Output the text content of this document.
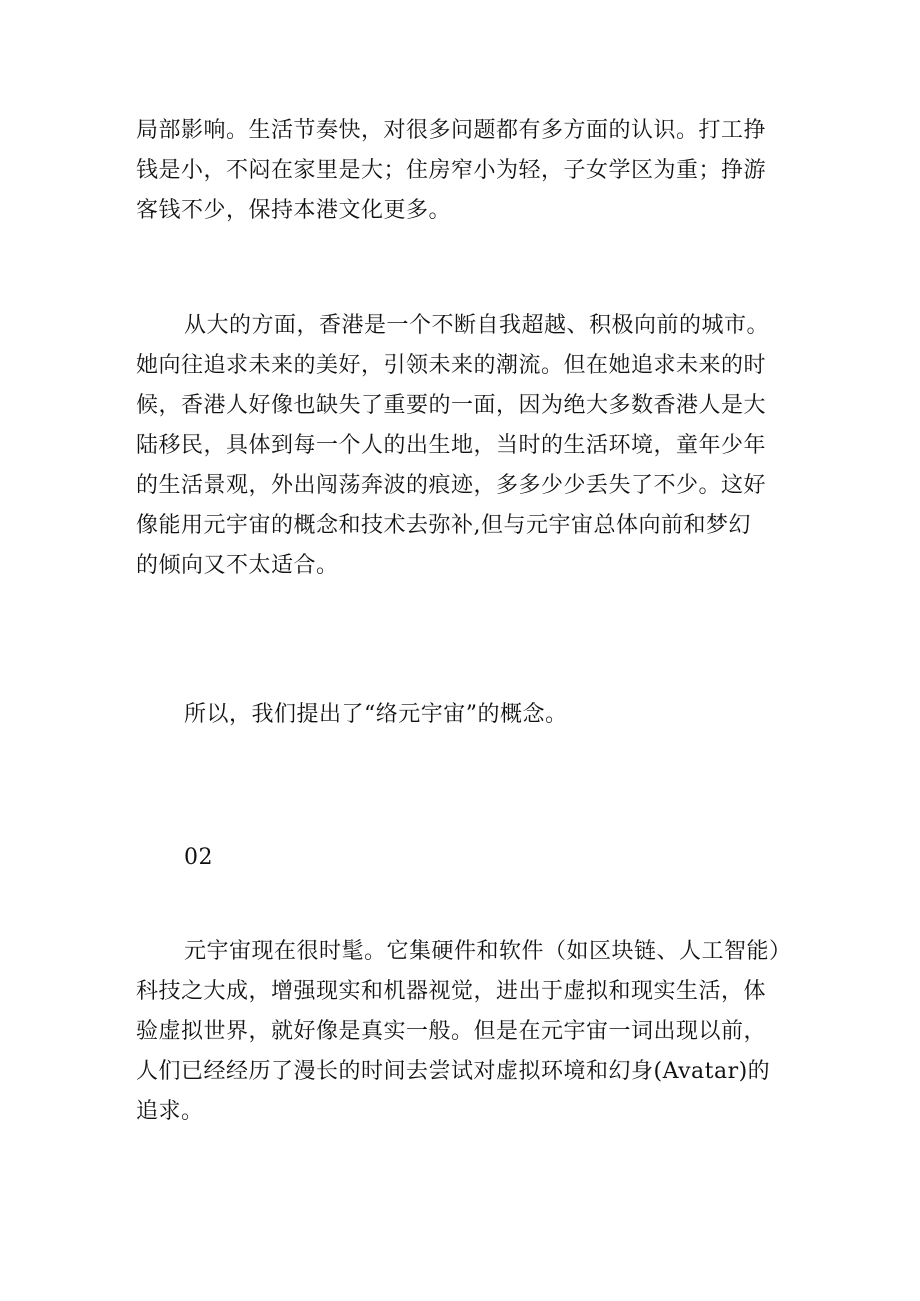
局部影响。生活节奏快，对很多问题都有多方面的认识。打工挣
钱是小，不闷在家里是大；住房窄小为轻，子女学区为重；挣游
客钱不少，保持本港文化更多。
从大的方面，香港是一个不断自我超越、积极向前的城市。
她向往追求未来的美好，引领未来的潮流。但在她追求未来的时
候，香港人好像也缺失了重要的一面，因为绝大多数香港人是大
陆移民，具体到每一个人的出生地，当时的生活环境，童年少年
的生活景观，外出闯荡奔波的痕迹，多多少少丢失了不少。这好
像能用元宇宙的概念和技术去弥补,但与元宇宙总体向前和梦幻
的倾向又不太适合。
所以，我们提出了“络元宇宙”的概念。
02
元宇宙现在很时髦。它集硬件和软件（如区块链、人工智能）
科技之大成，增强现实和机器视觉，进出于虚拟和现实生活，体
验虚拟世界，就好像是真实一般。但是在元宇宙一词出现以前，
人们已经经历了漫长的时间去尝试对虚拟环境和幻身(Avatar)的
追求。
